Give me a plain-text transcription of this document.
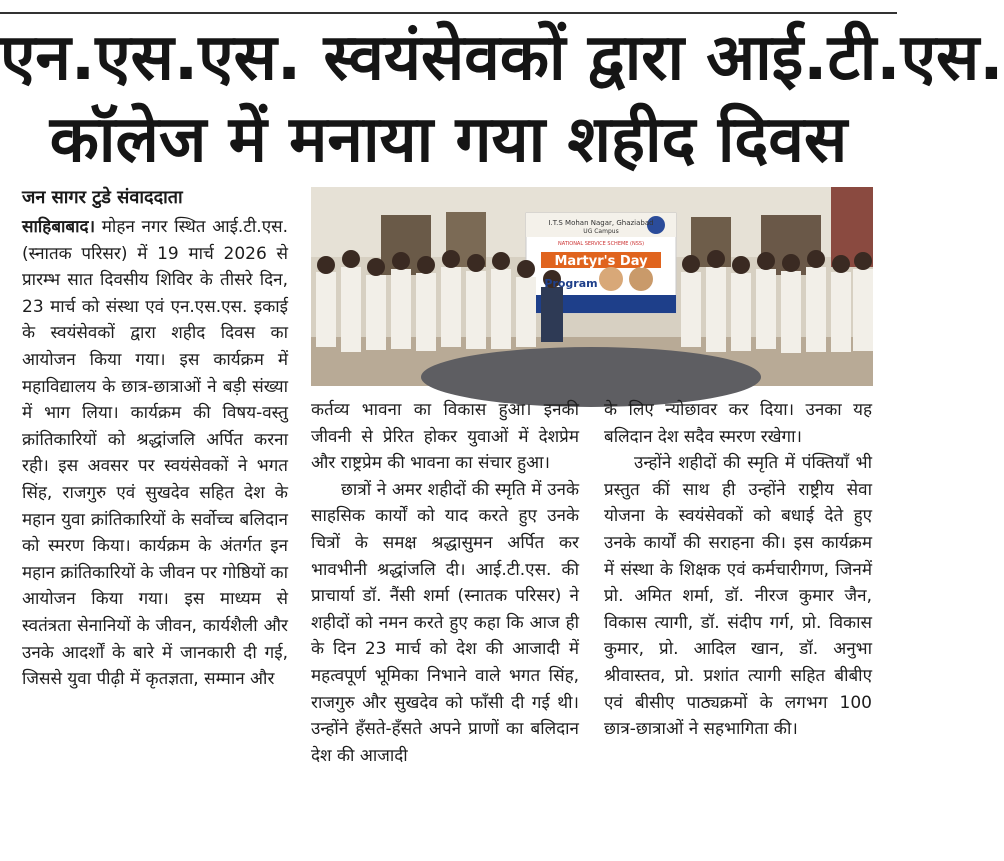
एन.एस.एस. स्वयंसेवकों द्वारा आई.टी.एस.
कॉलेज में मनाया गया शहीद दिवस
जन सागर टुडे संवाददाता

साहिबाबाद। मोहन नगर स्थित आई.टी.एस. (स्नातक परिसर) में 19 मार्च 2026 से प्रारम्भ सात दिवसीय शिविर के तीसरे दिन, 23 मार्च को संस्था एवं एन.एस.एस. इकाई के स्वयंसेवकों द्वारा शहीद दिवस का आयोजन किया गया। इस कार्यक्रम में महाविद्यालय के छात्र-छात्राओं ने बड़ी संख्या में भाग लिया। कार्यक्रम की विषय-वस्तु क्रांतिकारियों को श्रद्धांजलि अर्पित करना रही। इस अवसर पर स्वयंसेवकों ने भगत सिंह, राजगुरु एवं सुखदेव सहित देश के महान युवा क्रांतिकारियों के सर्वोच्च बलिदान को स्मरण किया। कार्यक्रम के अंतर्गत इन महान क्रांतिकारियों के जीवन पर गोष्ठियों का आयोजन किया गया। इस माध्यम से स्वतंत्रता सेनानियों के जीवन, कार्यशैली और उनके आदर्शों के बारे में जानकारी दी गई, जिससे युवा पीढ़ी में कृतज्ञता, सम्मान और

I.T.S Mohan Nagar, Ghaziabad
UG Campus
NATIONAL SERVICE SCHEME (NSS)
Martyr's Day
Program

कर्तव्य भावना का विकास हुआ। इनकी जीवनी से प्रेरित होकर युवाओं में देशप्रेम और राष्ट्रप्रेम की भावना का संचार हुआ।

छात्रों ने अमर शहीदों की स्मृति में उनके साहसिक कार्यों को याद करते हुए उनके चित्रों के समक्ष श्रद्धासुमन अर्पित कर भावभीनी श्रद्धांजलि दी। आई.टी.एस. की प्राचार्या डॉ. नैंसी शर्मा (स्नातक परिसर) ने शहीदों को नमन करते हुए कहा कि आज ही के दिन 23 मार्च को देश की आजादी में महत्वपूर्ण भूमिका निभाने वाले भगत सिंह, राजगुरु और सुखदेव को फाँसी दी गई थी। उन्होंने हँसते-हँसते अपने प्राणों का बलिदान देश की आजादी

के लिए न्योछावर कर दिया। उनका यह बलिदान देश सदैव स्मरण रखेगा।

उन्होंने शहीदों की स्मृति में पंक्तियाँ भी प्रस्तुत कीं साथ ही उन्होंने राष्ट्रीय सेवा योजना के स्वयंसेवकों को बधाई देते हुए उनके कार्यों की सराहना की। इस कार्यक्रम में संस्था के शिक्षक एवं कर्मचारीगण, जिनमें प्रो. अमित शर्मा, डॉ. नीरज कुमार जैन, विकास त्यागी, डॉ. संदीप गर्ग, प्रो. विकास कुमार, प्रो. आदिल खान, डॉ. अनुभा श्रीवास्तव, प्रो. प्रशांत त्यागी सहित बीबीए एवं बीसीए पाठ्यक्रमों के लगभग 100 छात्र-छात्राओं ने सहभागिता की।
